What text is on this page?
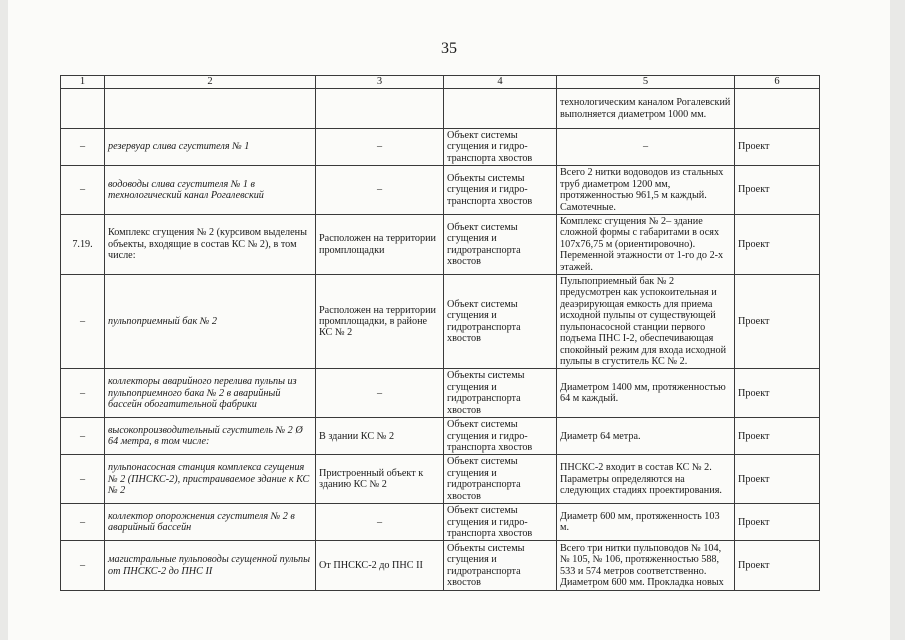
35
1	2	3	4	5	6
				технологическим каналом Рогалевский выполняется диаметром 1000 мм.	
–	резервуар слива сгустителя № 1	–	Объект системы сгущения и гидро-транспорта хвостов	–	Проект
–	водоводы слива сгустителя № 1 в технологический канал Рогалевский	–	Объекты системы сгущения и гидро-транспорта хвостов	Всего 2 нитки водоводов из стальных труб диаметром 1200 мм, протяженностью 961,5 м каждый. Самотечные.	Проект
7.19.	Комплекс сгущения № 2 (курсивом выделены объекты, входящие в состав КС № 2), в том числе:	Расположен на территории промплощадки	Объект системы сгущения и гидротранспорта хвостов	Комплекс сгущения № 2– здание сложной формы с габаритами в осях 107x76,75 м (ориентировочно). Переменной этажности от 1-го до 2-х этажей.	Проект
–	пульпоприемный бак № 2	Расположен на территории промплощадки, в районе КС № 2	Объект системы сгущения и гидротранспорта хвостов	Пульпоприемный бак № 2 предусмотрен как успокоительная и деаэрирующая емкость для приема исходной пульпы от существующей пульпонасосной станции первого подъема ПНС I-2, обеспечивающая спокойный режим для входа исходной пульпы в сгуститель КС № 2.	Проект
–	коллекторы аварийного перелива пульпы из пульпоприемного бака № 2 в аварийный бассейн обогатительной фабрики	–	Объекты системы сгущения и гидротранспорта хвостов	Диаметром 1400 мм, протяженностью 64 м каждый.	Проект
–	высокопроизводительный сгуститель № 2 Ø 64 метра, в том числе:	В здании КС № 2	Объект системы сгущения и гидро-транспорта хвостов	Диаметр 64 метра.	Проект
–	пульпонасосная станция комплекса сгущения № 2 (ПНСКС-2), пристраиваемое здание к КС № 2	Пристроенный объект к зданию КС № 2	Объект системы сгущения и гидротранспорта хвостов	ПНСКС-2 входит в состав КС № 2. Параметры определяются на следующих стадиях проектирования.	Проект
–	коллектор опорожнения сгустителя № 2 в аварийный бассейн	–	Объект системы сгущения и гидро-транспорта хвостов	Диаметр 600 мм, протяженность 103 м.	Проект
–	магистральные пульповоды сгущенной пульпы от ПНСКС-2 до ПНС II	От ПНСКС-2 до ПНС II	Объекты системы сгущения и гидротранспорта хвостов	Всего три нитки пульповодов № 104, № 105, № 106, протяженностью 588, 533 и 574 метров соответственно. Диаметром 600 мм. Прокладка новых	Проект
